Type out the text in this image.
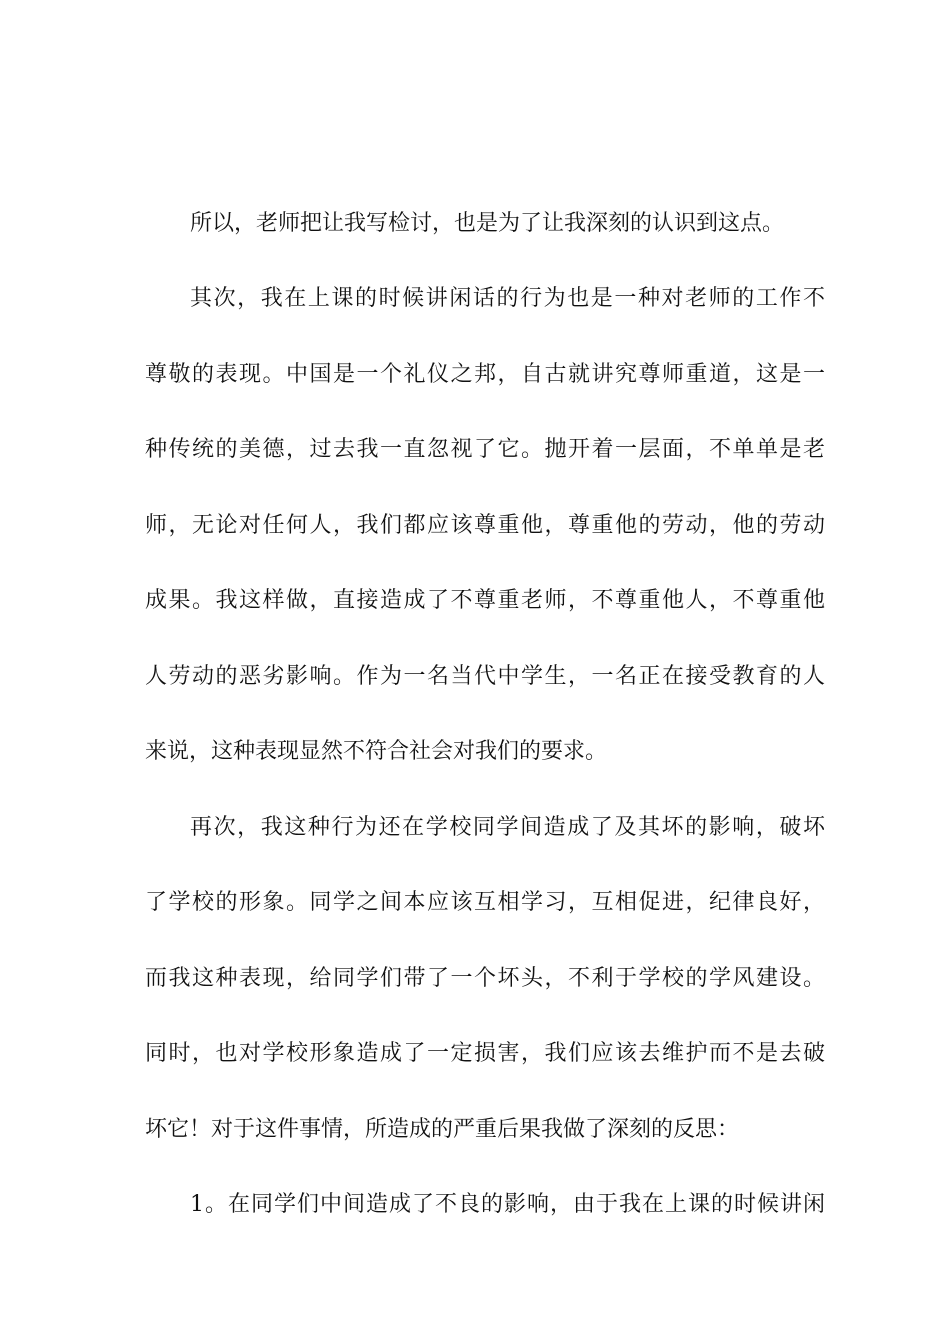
所以，老师把让我写检讨，也是为了让我深刻的认识到这点。
其次，我在上课的时候讲闲话的行为也是一种对老师的工作不
尊敬的表现。中国是一个礼仪之邦，自古就讲究尊师重道，这是一
种传统的美德，过去我一直忽视了它。抛开着一层面，不单单是老
师，无论对任何人，我们都应该尊重他，尊重他的劳动，他的劳动
成果。我这样做，直接造成了不尊重老师，不尊重他人，不尊重他
人劳动的恶劣影响。作为一名当代中学生，一名正在接受教育的人
来说，这种表现显然不符合社会对我们的要求。
再次，我这种行为还在学校同学间造成了及其坏的影响，破坏
了学校的形象。同学之间本应该互相学习，互相促进，纪律良好，
而我这种表现，给同学们带了一个坏头，不利于学校的学风建设。
同时，也对学校形象造成了一定损害，我们应该去维护而不是去破
坏它！对于这件事情，所造成的严重后果我做了深刻的反思：
1。在同学们中间造成了不良的影响，由于我在上课的时候讲闲
